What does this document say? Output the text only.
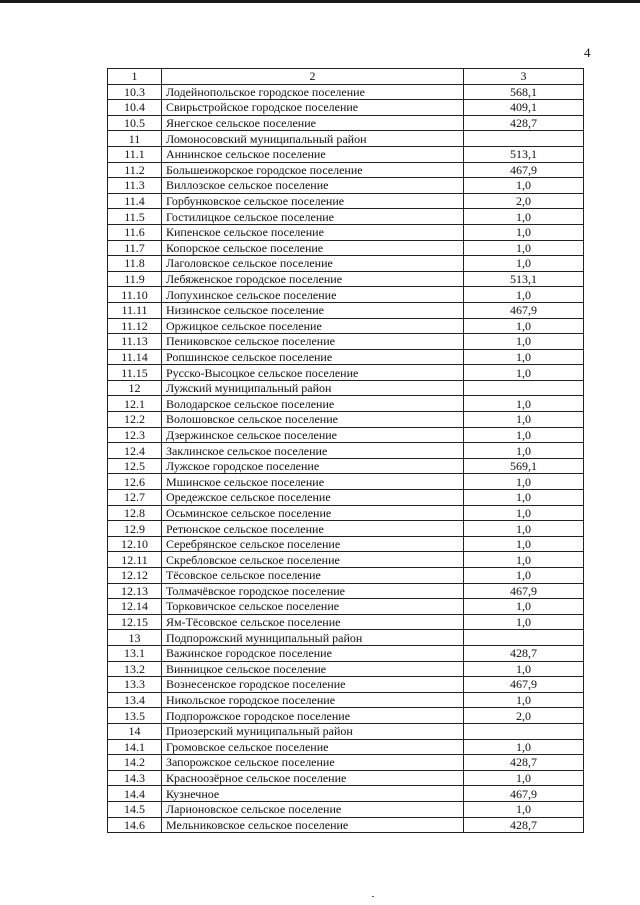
4
1	2	3
10.3	Лодейнопольское городское поселение	568,1
10.4	Свирьстройское городское поселение	409,1
10.5	Янегское сельское поселение	428,7
11	Ломоносовский муниципальный район	
11.1	Аннинское сельское поселение	513,1
11.2	Большеижорское городское поселение	467,9
11.3	Виллозское сельское поселение	1,0
11.4	Горбунковское сельское поселение	2,0
11.5	Гостилицкое сельское поселение	1,0
11.6	Кипенское сельское поселение	1,0
11.7	Копорское сельское поселение	1,0
11.8	Лаголовское сельское поселение	1,0
11.9	Лебяженское городское поселение	513,1
11.10	Лопухинское сельское поселение	1,0
11.11	Низинское сельское поселение	467,9
11.12	Оржицкое сельское поселение	1,0
11.13	Пениковское сельское поселение	1,0
11.14	Ропшинское сельское поселение	1,0
11.15	Русско-Высоцкое сельское поселение	1,0
12	Лужский муниципальный район	
12.1	Володарское сельское поселение	1,0
12.2	Волошовское сельское поселение	1,0
12.3	Дзержинское сельское поселение	1,0
12.4	Заклинское сельское поселение	1,0
12.5	Лужское городское поселение	569,1
12.6	Мшинское сельское поселение	1,0
12.7	Оредежское сельское поселение	1,0
12.8	Осьминское сельское поселение	1,0
12.9	Ретюнское сельское поселение	1,0
12.10	Серебрянское сельское поселение	1,0
12.11	Скребловское сельское поселение	1,0
12.12	Тёсовское сельское поселение	1,0
12.13	Толмачёвское городское поселение	467,9
12.14	Торковичское сельское поселение	1,0
12.15	Ям-Тёсовское сельское поселение	1,0
13	Подпорожский муниципальный район	
13.1	Важинское городское поселение	428,7
13.2	Винницкое сельское поселение	1,0
13.3	Вознесенское городское поселение	467,9
13.4	Никольское городское поселение	1,0
13.5	Подпорожское городское поселение	2,0
14	Приозерский муниципальный район	
14.1	Громовское сельское поселение	1,0
14.2	Запорожское сельское поселение	428,7
14.3	Красноозёрное сельское поселение	1,0
14.4	Кузнечное	467,9
14.5	Ларионовское сельское поселение	1,0
14.6	Мельниковское сельское поселение	428,7
